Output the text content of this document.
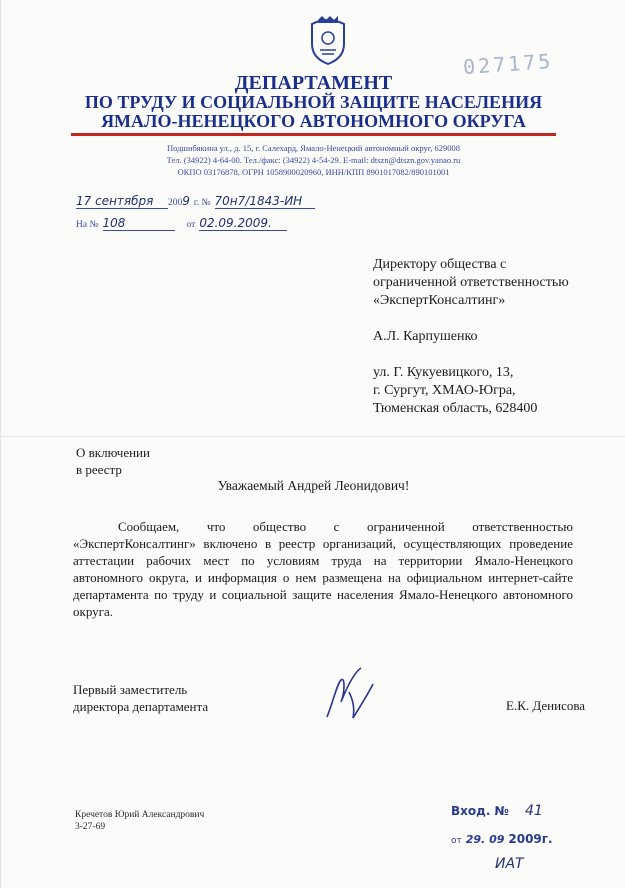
027175
ДЕПАРТАМЕНТ
ПО ТРУДУ И СОЦИАЛЬНОЙ ЗАЩИТЕ НАСЕЛЕНИЯ
ЯМАЛО-НЕНЕЦКОГО АВТОНОМНОГО ОКРУГА
Подшибякина ул., д. 15, г. Салехард, Ямало-Ненецкий автономный округ, 629008
Тел. (34922) 4-64-00. Тел./факс: (34922) 4-54-29. E-mail: dtszn@dtszn.gov.yanao.ru
ОКПО 03176878, ОГРН 1058900020960, ИНН/КПП 8901017082/890101001
17 сентября 2009 г. № 70н7/1843-ИН
На № 108	от 02.09.2009.
Директору общества с
ограниченной ответственностью
«ЭкспертКонсалтинг»
А.Л. Карпушенко
ул. Г. Кукуевицкого, 13,
г. Сургут, ХМАО-Югра,
Тюменская область, 628400
О включении
в реестр
Уважаемый Андрей Леонидович!
Сообщаем, что общество с ограниченной ответственностью «ЭкспертКонсалтинг» включено в реестр организаций, осуществляющих проведение аттестации рабочих мест по условиям труда на территории Ямало-Ненецкого автономного округа, и информация о нем размещена на официальном интернет-сайте департамента по труду и социальной защите населения Ямало-Ненецкого автономного округа.
Первый заместитель
директора департамента	Е.К. Денисова
Кречетов Юрий Александрович
3-27-69
Вход. № 41
от 29. 09 2009г.
ИАТ
